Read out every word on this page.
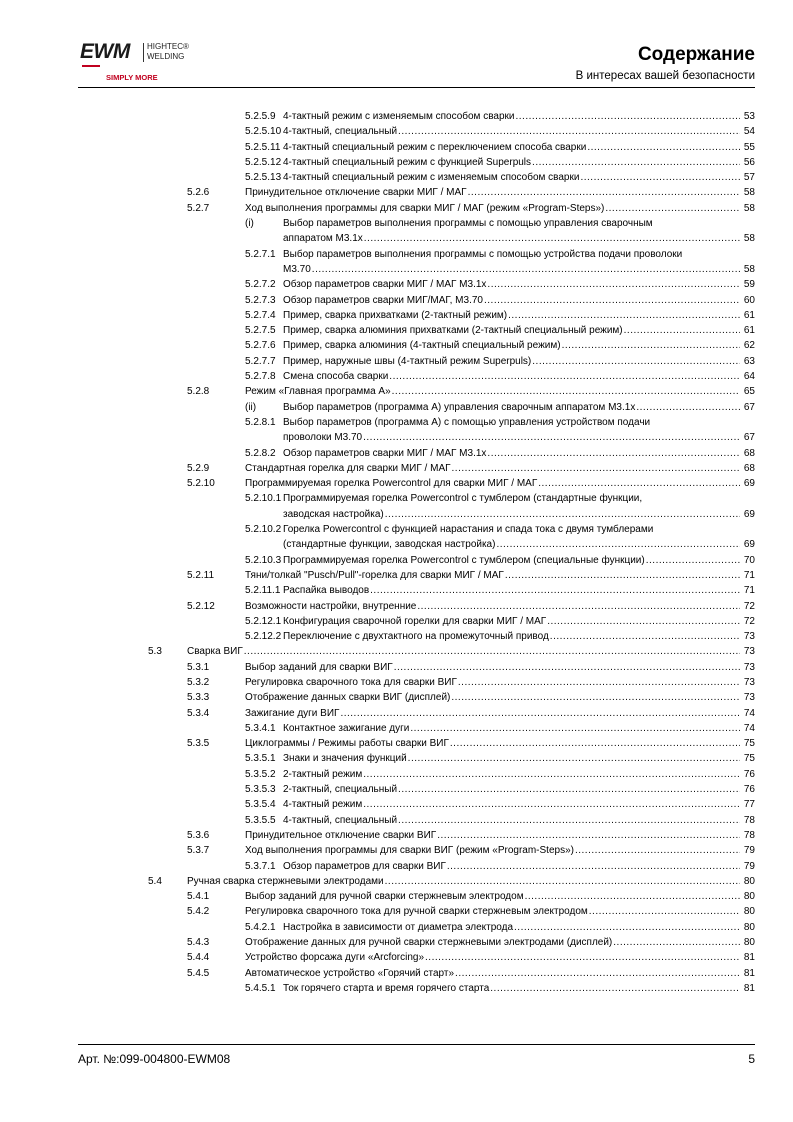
EWM HIGHTEC®
WELDING
SIMPLY MORE
Содержание
В интересах вашей безопасности
5.2.5.9 4-тактный режим с изменяемым способом сварки .....	53
5.2.5.10 4-тактный, специальный .....	54
5.2.5.11 4-тактный специальный режим с переключением способа сварки .....	55
5.2.5.12 4-тактный специальный режим с функцией Superpuls .....	56
5.2.5.13 4-тактный специальный режим с изменяемым способом сварки .....	57
5.2.6	Принудительное отключение сварки МИГ / МАГ .....	58
5.2.7	Ход выполнения программы для сварки МИГ / МАГ (режим «Program-Steps») .....	58
(i)	Выбор параметров выполнения программы с помощью управления сварочным
аппаратом M3.1x .....	58
5.2.7.1 Выбор параметров выполнения программы с помощью устройства подачи проволоки
M3.70 .....	58
5.2.7.2 Обзор параметров сварки МИГ / МАГ M3.1x .....	59
5.2.7.3 Обзор параметров сварки МИГ/МАГ, M3.70 .....	60
5.2.7.4 Пример, сварка прихватками (2-тактный режим) .....	61
5.2.7.5 Пример, сварка алюминия прихватками (2-тактный специальный режим) .....	61
5.2.7.6 Пример, сварка алюминия (4-тактный специальный режим) .....	62
5.2.7.7 Пример, наружные швы (4-тактный режим Superpuls) .....	63
5.2.7.8 Смена способа сварки .....	64
5.2.8	Режим «Главная программа A» .....	65
(ii)	Выбор параметров (программа A) управления сварочным аппаратом M3.1x .....	67
5.2.8.1 Выбор параметров (программа A) с помощью управления устройством подачи
проволоки M3.70 .....	67
5.2.8.2 Обзор параметров сварки МИГ / МАГ M3.1x .....	68
5.2.9	Стандартная горелка для сварки МИГ / МАГ .....	68
5.2.10	Программируемая горелка Powercontrol для сварки МИГ / МАГ .....	69
5.2.10.1 Программируемая горелка Powercontrol с тумблером (стандартные функции,
заводская настройка) .....	69
5.2.10.2 Горелка Powercontrol с функцией нарастания и спада тока с двумя тумблерами
(стандартные функции, заводская настройка) .....	69
5.2.10.3 Программируемая горелка Powercontrol с тумблером (специальные функции) .....	70
5.2.11	Тяни/толкай "Pusch/Pull"-горелка для сварки МИГ / МАГ .....	71
5.2.11.1 Распайка выводов .....	71
5.2.12	Возможности настройки, внутренние .....	72
5.2.12.1 Конфигурация сварочной горелки для сварки МИГ / МАГ .....	72
5.2.12.2 Переключение с двухтактного на промежуточный привод .....	73
5.3	Сварка ВИГ .....	73
5.3.1	Выбор заданий для сварки ВИГ .....	73
5.3.2	Регулировка сварочного тока для сварки ВИГ .....	73
5.3.3	Отображение данных сварки ВИГ (дисплей) .....	73
5.3.4	Зажигание дуги ВИГ .....	74
5.3.4.1 Контактное зажигание дуги .....	74
5.3.5	Циклограммы / Режимы работы сварки ВИГ .....	75
5.3.5.1 Знаки и значения функций .....	75
5.3.5.2 2-тактный режим .....	76
5.3.5.3 2-тактный, специальный .....	76
5.3.5.4 4-тактный режим .....	77
5.3.5.5 4-тактный, специальный .....	78
5.3.6	Принудительное отключение сварки ВИГ .....	78
5.3.7	Ход выполнения программы для сварки ВИГ (режим «Program-Steps») .....	79
5.3.7.1 Обзор параметров для сварки ВИГ .....	79
5.4	Ручная сварка стержневыми электродами .....	80
5.4.1	Выбор заданий для ручной сварки стержневым электродом .....	80
5.4.2	Регулировка сварочного тока для ручной сварки стержневым электродом .....	80
5.4.2.1 Настройка в зависимости от диаметра электрода .....	80
5.4.3	Отображение данных для ручной сварки стержневыми электродами (дисплей) .....	80
5.4.4	Устройство форсажа дуги «Arcforcing» .....	81
5.4.5	Автоматическое устройство «Горячий старт» .....	81
5.4.5.1 Ток горячего старта и время горячего старта .....	81
Арт. №:099-004800-EWM08	5
